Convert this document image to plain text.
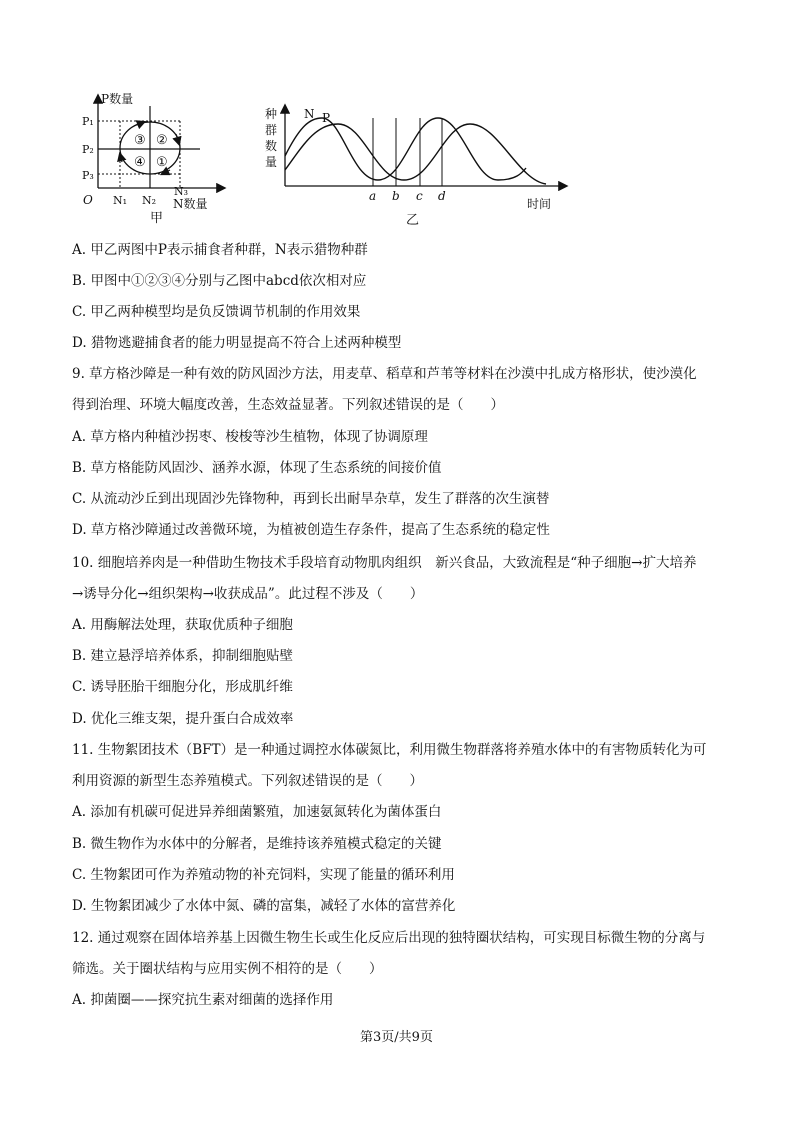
P数量
N数量
O
P₁
P₂
P₃
N₁ N₂
N₃
③ ②
④ ①
甲
种
群
数
量
N P
a b c d
时间
乙
A. 甲乙两图中P表示捕食者种群，N表示猎物种群
B. 甲图中①②③④分别与乙图中abcd依次相对应
C. 甲乙两种模型均是负反馈调节机制的作用效果
D. 猎物逃避捕食者的能力明显提高不符合上述两种模型
9. 草方格沙障是一种有效的防风固沙方法，用麦草、稻草和芦苇等材料在沙漠中扎成方格形状，使沙漠化
得到治理、环境大幅度改善，生态效益显著。下列叙述错误的是（　　）
A. 草方格内种植沙拐枣、梭梭等沙生植物，体现了协调原理
B. 草方格能防风固沙、涵养水源，体现了生态系统的间接价值
C. 从流动沙丘到出现固沙先锋物种，再到长出耐旱杂草，发生了群落的次生演替
D. 草方格沙障通过改善微环境，为植被创造生存条件，提高了生态系统的稳定性
10. 细胞培养肉是一种借助生物技术手段培育动物肌肉组织　新兴食品，大致流程是“种子细胞→扩大培养
→诱导分化→组织架构→收获成品”。此过程不涉及（　　）
A. 用酶解法处理，获取优质种子细胞
B. 建立悬浮培养体系，抑制细胞贴壁
C. 诱导胚胎干细胞分化，形成肌纤维
D. 优化三维支架，提升蛋白合成效率
11. 生物絮团技术（BFT）是一种通过调控水体碳氮比，利用微生物群落将养殖水体中的有害物质转化为可
利用资源的新型生态养殖模式。下列叙述错误的是（　　）
A. 添加有机碳可促进异养细菌繁殖，加速氨氮转化为菌体蛋白
B. 微生物作为水体中的分解者，是维持该养殖模式稳定的关键
C. 生物絮团可作为养殖动物的补充饲料，实现了能量的循环利用
D. 生物絮团减少了水体中氮、磷的富集，减轻了水体的富营养化
12. 通过观察在固体培养基上因微生物生长或生化反应后出现的独特圈状结构，可实现目标微生物的分离与
筛选。关于圈状结构与应用实例不相符的是（　　）
A. 抑菌圈——探究抗生素对细菌的选择作用
第3页/共9页
